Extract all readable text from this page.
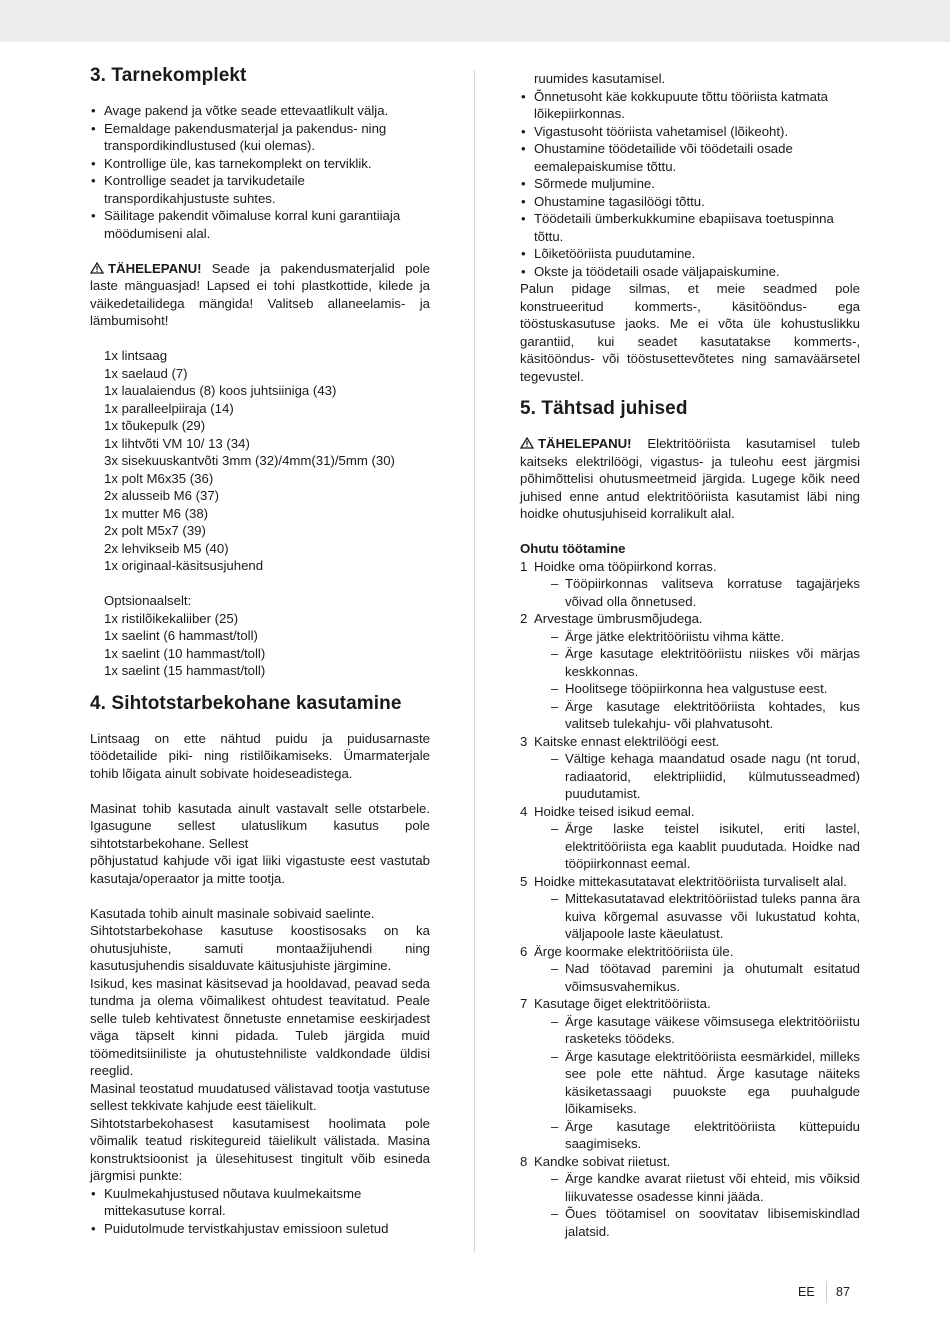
3. Tarnekomplekt
• Avage pakend ja võtke seade ettevaatlikult välja.
• Eemaldage pakendusmaterjal ja pakendus- ning transpordikindlustused (kui olemas).
• Kontrollige üle, kas tarnekomplekt on terviklik.
• Kontrollige seadet ja tarvikudetaile transpordikahjustuste suhtes.
• Säilitage pakendit võimaluse korral kuni garantiiaja möödumiseni alal.

TÄHELEPANU! Seade ja pakendusmaterjalid pole laste mänguasjad! Lapsed ei tohi plastkottide, kilede ja väikedetailidega mängida! Valitseb allaneelamis- ja lämbumisoht!

1x lintsaag
1x saelaud (7)
1x laualaiendus (8) koos juhtsiiniga (43)
1x paralleelpiiraja (14)
1x tõukepulk (29)
1x lihtvõti VM 10/ 13 (34)
3x sisekuuskantvõti 3mm (32)/4mm(31)/5mm (30)
1x polt M6x35 (36)
2x alusseib M6 (37)
1x mutter M6 (38)
2x polt M5x7 (39)
2x lehvikseib M5 (40)
1x originaal-käsitsusjuhend
Optsionaalselt:
1x ristilõikekaliiber (25)
1x saelint (6 hammast/toll)
1x saelint (10 hammast/toll)
1x saelint (15 hammast/toll)
4. Sihtotstarbekohane kasutamine

Lintsaag on ette nähtud puidu ja puidusarnaste töödetailide piki- ning ristilõikamiseks. Ümarmaterjale tohib lõigata ainult sobivate hoideseadistega.

Masinat tohib kasutada ainult vastavalt selle otstarbele. Igasugune sellest ulatuslikum kasutus pole sihtotstarbekohane. Sellest

põhjustatud kahjude või igat liiki vigastuste eest vastutab kasutaja/operaator ja mitte tootja.

Kasutada tohib ainult masinale sobivaid saelinte.

Sihtotstarbekohase kasutuse koostisosaks on ka ohutusjuhiste, samuti montaažijuhendi ning kasutusjuhendis sisalduvate käitusjuhiste järgimine.

Isikud, kes masinat käsitsevad ja hooldavad, peavad seda tundma ja olema võimalikest ohtudest teavitatud. Peale selle tuleb kehtivatest õnnetuste ennetamise eeskirjadest väga täpselt kinni pidada. Tuleb järgida muid töömeditsiiniliste ja ohutustehniliste valdkondade üldisi reeglid.

Masinal teostatud muudatused välistavad tootja vastutuse sellest tekkivate kahjude eest täielikult.

Sihtotstarbekohasest kasutamisest hoolimata pole võimalik teatud riskitegureid täielikult välistada. Masina konstruktsioonist ja ülesehitusest tingitult võib esineda järgmisi punkte:

• Kuulmekahjustused nõutava kuulmekaitsme mittekasutuse korral.
• Puidutolmude tervistkahjustav emissioon suletud
ruumides kasutamisel.
• Õnnetusoht käe kokkupuute tõttu tööriista katmata lõikepiirkonnas.
• Vigastusoht tööriista vahetamisel (lõikeoht).
• Ohustamine töödetailide või töödetaili osade eemalepaiskumise tõttu.
• Sõrmede muljumine.
• Ohustamine tagasilöögi tõttu.
• Töödetaili ümberkukkumine ebapiisava toetuspinna tõttu.
• Lõiketööriista puudutamine.
• Okste ja töödetaili osade väljapaiskumine.

Palun pidage silmas, et meie seadmed pole konstrueeritud kommerts-, käsitööndus- ega tööstuskasutuse jaoks. Me ei võta üle kohustuslikku garantiid, kui seadet kasutatakse kommerts-, käsitööndus- või tööstusettevõtetes ning samaväärsetel tegevustel.

5. Tähtsad juhised

TÄHELEPANU! Elektritööriista kasutamisel tuleb kaitseks elektrilöögi, vigastus- ja tuleohu eest järgmisi põhimõttelisi ohutusmeetmeid järgida. Lugege kõik need juhised enne antud elektritööriista kasutamist läbi ning hoidke ohutusjuhiseid korralikult alal.

Ohutu töötamine
1 Hoidke oma tööpiirkond korras.
– Tööpiirkonnas valitseva korratuse tagajärjeks võivad olla õnnetused.
2 Arvestage ümbrusmõjudega.
– Ärge jätke elektritööriistu vihma kätte.
– Ärge kasutage elektritööriistu niiskes või märjas keskkonnas.
– Hoolitsege tööpiirkonna hea valgustuse eest.
– Ärge kasutage elektritööriista kohtades, kus valitseb tulekahju- või plahvatusoht.
3 Kaitske ennast elektrilöögi eest.
– Vältige kehaga maandatud osade nagu (nt torud, radiaatorid, elektripliidid, külmutusseadmed) puudutamist.
4 Hoidke teised isikud eemal.
– Ärge laske teistel isikutel, eriti lastel, elektritööriista ega kaablit puudutada. Hoidke nad tööpiirkonnast eemal.
5 Hoidke mittekasutatavat elektritööriista turvaliselt alal.
– Mittekasutatavad elektritööriistad tuleks panna ära kuiva kõrgemal asuvasse või lukustatud kohta, väljapoole laste käeulatust.
6 Ärge koormake elektritööriista üle.
– Nad töötavad paremini ja ohutumalt esitatud võimsusvahemikus.
7 Kasutage õiget elektritööriista.
– Ärge kasutage väikese võimsusega elektritööriistu rasketeks töödeks.
– Ärge kasutage elektritööriista eesmärkidel, milleks see pole ette nähtud. Ärge kasutage näiteks käsiketassaagi puuokste ega puuhalgude lõikamiseks.
– Ärge kasutage elektritööriista küttepuidu saagimiseks.
8 Kandke sobivat riietust.
– Ärge kandke avarat riietust või ehteid, mis võiksid liikuvatesse osadesse kinni jääda.
– Õues töötamisel on soovitatav libisemiskindlad jalatsid.
EE 87
